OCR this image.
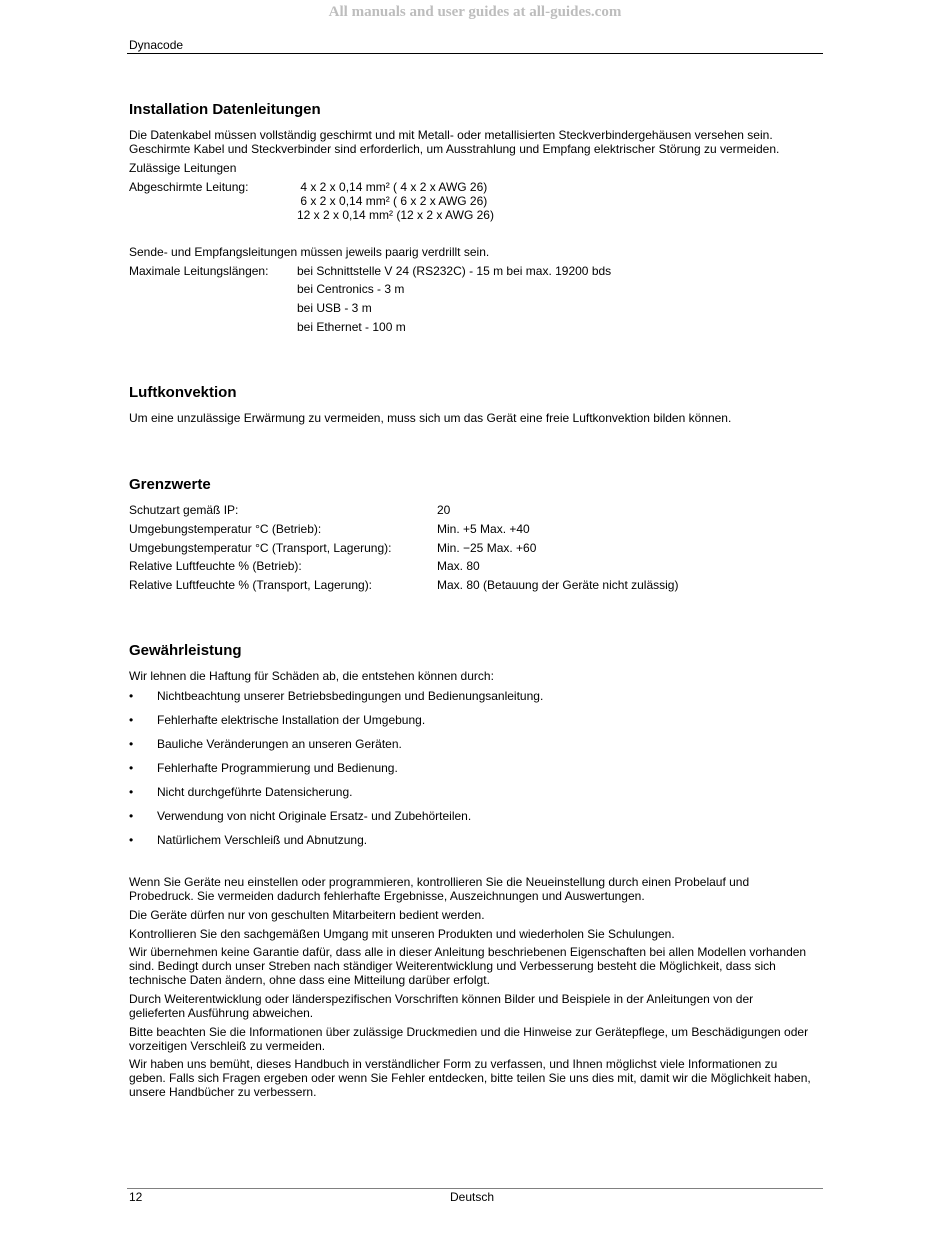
All manuals and user guides at all-guides.com
Dynacode
Installation Datenleitungen
Die Datenkabel müssen vollständig geschirmt und mit Metall- oder metallisierten Steckverbindergehäusen versehen sein.
Geschirmte Kabel und Steckverbinder sind erforderlich, um Ausstrahlung und Empfang elektrischer Störung zu vermeiden.
Zulässige Leitungen
Abgeschirmte Leitung:	4 x 2 x 0,14 mm² ( 4 x 2 x AWG 26)
6 x 2 x 0,14 mm² ( 6 x 2 x AWG 26)
12 x 2 x 0,14 mm² (12 x 2 x AWG 26)
Sende- und Empfangsleitungen müssen jeweils paarig verdrillt sein.
Maximale Leitungslängen: bei Schnittstelle V 24 (RS232C) - 15 m bei max. 19200 bds
bei Centronics - 3 m
bei USB - 3 m
bei Ethernet - 100 m
Luftkonvektion
Um eine unzulässige Erwärmung zu vermeiden, muss sich um das Gerät eine freie Luftkonvektion bilden können.
Grenzwerte
Schutzart gemäß IP:	20
Umgebungstemperatur °C (Betrieb):	Min. +5 Max. +40
Umgebungstemperatur °C (Transport, Lagerung):	Min. −25 Max. +60
Relative Luftfeuchte % (Betrieb):	Max. 80
Relative Luftfeuchte % (Transport, Lagerung):	Max. 80 (Betauung der Geräte nicht zulässig)
Gewährleistung
Wir lehnen die Haftung für Schäden ab, die entstehen können durch:
• Nichtbeachtung unserer Betriebsbedingungen und Bedienungsanleitung.
• Fehlerhafte elektrische Installation der Umgebung.
• Bauliche Veränderungen an unseren Geräten.
• Fehlerhafte Programmierung und Bedienung.
• Nicht durchgeführte Datensicherung.
• Verwendung von nicht Originale Ersatz- und Zubehörteilen.
• Natürlichem Verschleiß und Abnutzung.

Wenn Sie Geräte neu einstellen oder programmieren, kontrollieren Sie die Neueinstellung durch einen Probelauf und

Probedruck. Sie vermeiden dadurch fehlerhafte Ergebnisse, Auszeichnungen und Auswertungen.

Die Geräte dürfen nur von geschulten Mitarbeitern bedient werden.

Kontrollieren Sie den sachgemäßen Umgang mit unseren Produkten und wiederholen Sie Schulungen.

Wir übernehmen keine Garantie dafür, dass alle in dieser Anleitung beschriebenen Eigenschaften bei allen Modellen vorhanden

sind. Bedingt durch unser Streben nach ständiger Weiterentwicklung und Verbesserung besteht die Möglichkeit, dass sich

technische Daten ändern, ohne dass eine Mitteilung darüber erfolgt.

Durch Weiterentwicklung oder länderspezifischen Vorschriften können Bilder und Beispiele in der Anleitungen von der

gelieferten Ausführung abweichen.

Bitte beachten Sie die Informationen über zulässige Druckmedien und die Hinweise zur Gerätepflege, um Beschädigungen oder

vorzeitigen Verschleiß zu vermeiden.

Wir haben uns bemüht, dieses Handbuch in verständlicher Form zu verfassen, und Ihnen möglichst viele Informationen zu

geben. Falls sich Fragen ergeben oder wenn Sie Fehler entdecken, bitte teilen Sie uns dies mit, damit wir die Möglichkeit haben,

unsere Handbücher zu verbessern.

12	Deutsch
